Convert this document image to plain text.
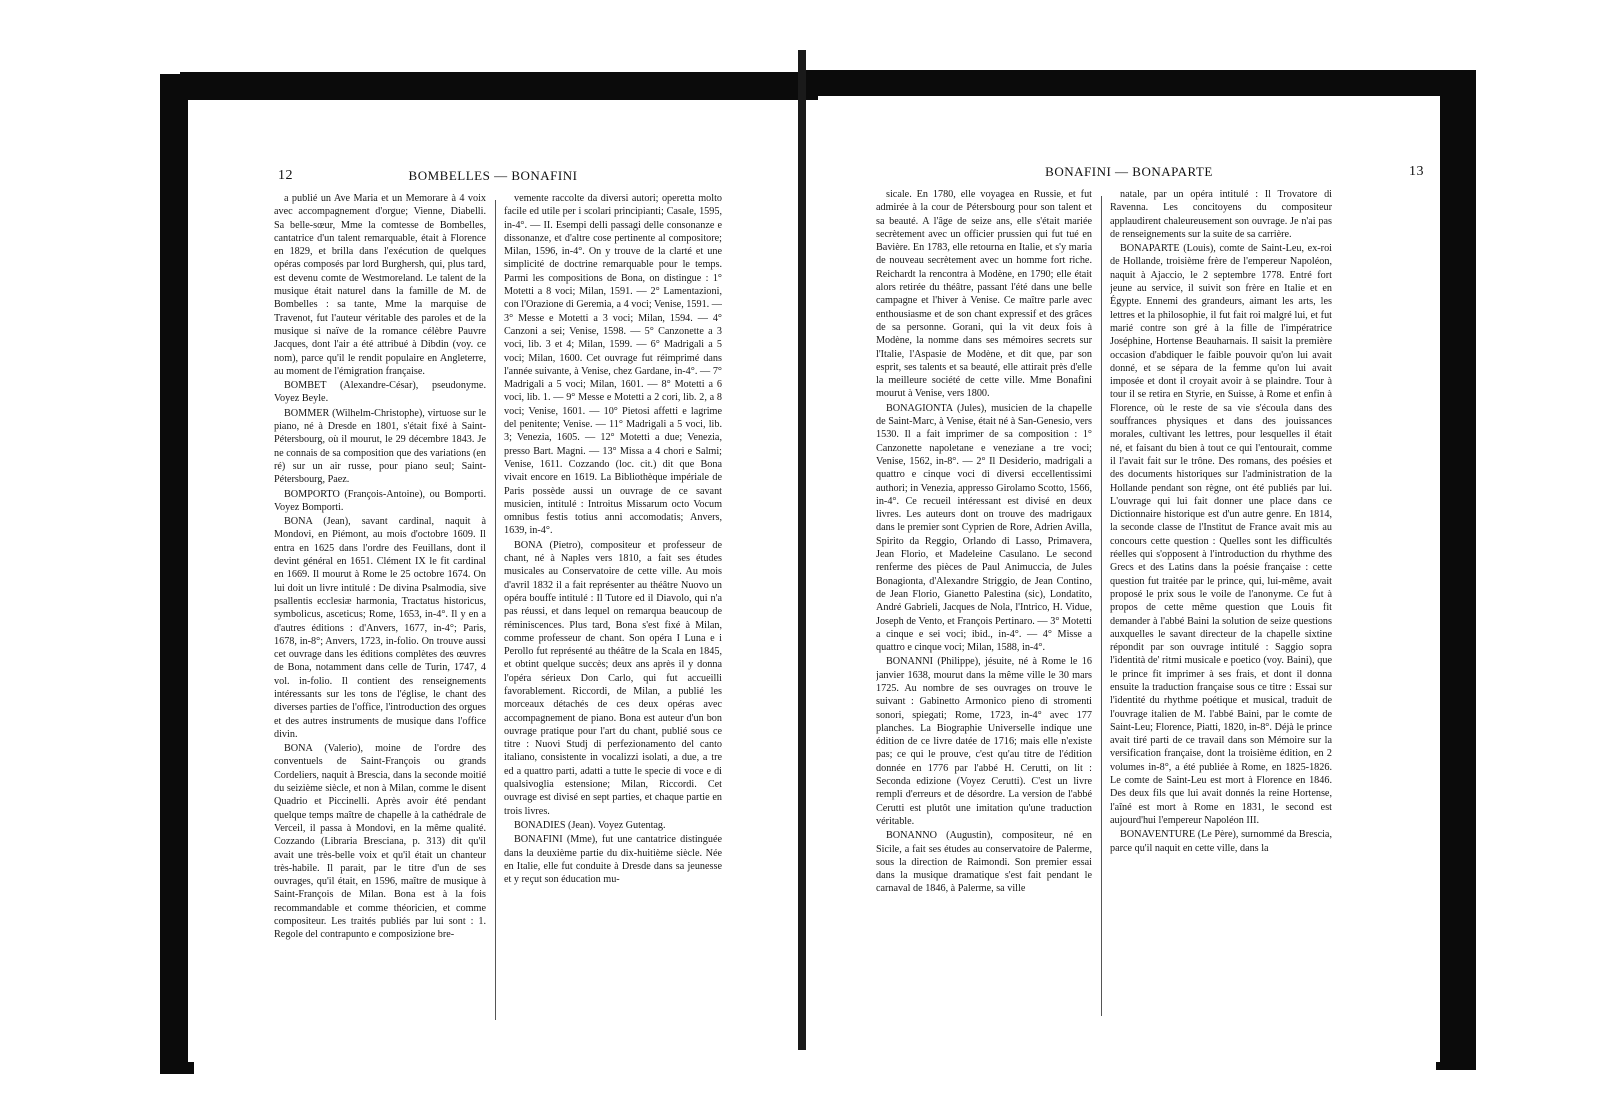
12	BOMBELLES — BONAFINI

a publié un Ave Maria et un Memorare à 4 voix avec accompagnement d'orgue; Vienne, Diabelli. Sa belle-sœur, Mme la comtesse de Bombelles, cantatrice d'un talent remarquable, était à Florence en 1829, et brilla dans l'exécution de quelques opéras composés par lord Burghersh, qui, plus tard, est devenu comte de Westmoreland. Le talent de la musique était naturel dans la famille de M. de Bombelles : sa tante, Mme la marquise de Travenot, fut l'auteur véritable des paroles et de la musique si naïve de la romance célèbre Pauvre Jacques, dont l'air a été attribué à Dibdin (voy. ce nom), parce qu'il le rendit populaire en Angleterre, au moment de l'émigration française.

BOMBET (Alexandre-César), pseudonyme. Voyez Beyle.

BOMMER (Wilhelm-Christophe), virtuose sur le piano, né à Dresde en 1801, s'était fixé à Saint-Pétersbourg, où il mourut, le 29 décembre 1843. Je ne connais de sa composition que des variations (en ré) sur un air russe, pour piano seul; Saint-Pétersbourg, Paez.

BOMPORTO (François-Antoine), ou Bomporti. Voyez Bomporti.

BONA (Jean), savant cardinal, naquit à Mondovi, en Piémont, au mois d'octobre 1609. Il entra en 1625 dans l'ordre des Feuillans, dont il devint général en 1651. Clément IX le fit cardinal en 1669. Il mourut à Rome le 25 octobre 1674. On lui doit un livre intitulé : De divina Psalmodia, sive psallentis ecclesiæ harmonia, Tractatus historicus, symbolicus, asceticus; Rome, 1653, in-4°. Il y en a d'autres éditions : d'Anvers, 1677, in-4°; Paris, 1678, in-8°; Anvers, 1723, in-folio. On trouve aussi cet ouvrage dans les éditions complètes des œuvres de Bona, notamment dans celle de Turin, 1747, 4 vol. in-folio. Il contient des renseignements intéressants sur les tons de l'église, le chant des diverses parties de l'office, l'introduction des orgues et des autres instruments de musique dans l'office divin.

BONA (Valerio), moine de l'ordre des conventuels de Saint-François ou grands Cordeliers, naquit à Brescia, dans la seconde moitié du seizième siècle, et non à Milan, comme le disent Quadrio et Piccinelli. Après avoir été pendant quelque temps maître de chapelle à la cathédrale de Verceil, il passa à Mondovi, en la même qualité. Cozzando (Libraria Bresciana, p. 313) dit qu'il avait une très-belle voix et qu'il était un chanteur très-habile. Il parait, par le titre d'un de ses ouvrages, qu'il était, en 1596, maître de musique à Saint-François de Milan. Bona est à la fois recommandable et comme théoricien, et comme compositeur. Les traités publiés par lui sont : 1. Regole del contrapunto e composizione bre-

vemente raccolte da diversi autori; operetta molto facile ed utile per i scolari principianti; Casale, 1595, in-4°. — II. Esempi delli passagi delle consonanze e dissonanze, et d'altre cose pertinente al compositore; Milan, 1596, in-4°. On y trouve de la clarté et une simplicité de doctrine remarquable pour le temps. Parmi les compositions de Bona, on distingue : 1° Motetti a 8 voci; Milan, 1591. — 2° Lamentazioni, con l'Orazione di Geremia, a 4 voci; Venise, 1591. — 3° Messe e Motetti a 3 voci; Milan, 1594. — 4° Canzoni a sei; Venise, 1598. — 5° Canzonette a 3 voci, lib. 3 et 4; Milan, 1599. — 6° Madrigali a 5 voci; Milan, 1600. Cet ouvrage fut réimprimé dans l'année suivante, à Venise, chez Gardane, in-4°. — 7° Madrigali a 5 voci; Milan, 1601. — 8° Motetti a 6 voci, lib. 1. — 9° Messe e Motetti a 2 cori, lib. 2, a 8 voci; Venise, 1601. — 10° Pietosi affetti e lagrime del penitente; Venise. — 11° Madrigali a 5 voci, lib. 3; Venezia, 1605. — 12° Motetti a due; Venezia, presso Bart. Magni. — 13° Missa a 4 chori e Salmi; Venise, 1611. Cozzando (loc. cit.) dit que Bona vivait encore en 1619. La Bibliothèque impériale de Paris possède aussi un ouvrage de ce savant musicien, intitulé : Introitus Missarum octo Vocum omnibus festis totius anni accomodatis; Anvers, 1639, in-4°.

BONA (Pietro), compositeur et professeur de chant, né à Naples vers 1810, a fait ses études musicales au Conservatoire de cette ville. Au mois d'avril 1832 il a fait représenter au théâtre Nuovo un opéra bouffe intitulé : Il Tutore ed il Diavolo, qui n'a pas réussi, et dans lequel on remarqua beaucoup de réminiscences. Plus tard, Bona s'est fixé à Milan, comme professeur de chant. Son opéra I Luna e i Perollo fut représenté au théâtre de la Scala en 1845, et obtint quelque succès; deux ans après il y donna l'opéra sérieux Don Carlo, qui fut accueilli favorablement. Riccordi, de Milan, a publié les morceaux détachés de ces deux opéras avec accompagnement de piano. Bona est auteur d'un bon ouvrage pratique pour l'art du chant, publié sous ce titre : Nuovi Studj di perfezionamento del canto italiano, consistente in vocalizzi isolati, a due, a tre ed a quattro parti, adatti a tutte le specie di voce e di qualsivoglia estensione; Milan, Riccordi. Cet ouvrage est divisé en sept parties, et chaque partie en trois livres.

BONADIES (Jean). Voyez Gutentag.

BONAFINI (Mme), fut une cantatrice distinguée dans la deuxième partie du dix-huitième siècle. Née en Italie, elle fut conduite à Dresde dans sa jeunesse et y reçut son éducation mu-

BONAFINI — BONAPARTE	13

sicale. En 1780, elle voyagea en Russie, et fut admirée à la cour de Pétersbourg pour son talent et sa beauté. A l'âge de seize ans, elle s'était mariée secrètement avec un officier prussien qui fut tué en Bavière. En 1783, elle retourna en Italie, et s'y maria de nouveau secrètement avec un homme fort riche. Reichardt la rencontra à Modène, en 1790; elle était alors retirée du théâtre, passant l'été dans une belle campagne et l'hiver à Venise. Ce maître parle avec enthousiasme et de son chant expressif et des grâces de sa personne. Gorani, qui la vit deux fois à Modène, la nomme dans ses mémoires secrets sur l'Italie, l'Aspasie de Modène, et dit que, par son esprit, ses talents et sa beauté, elle attirait près d'elle la meilleure société de cette ville. Mme Bonafini mourut à Venise, vers 1800.

BONAGIONTA (Jules), musicien de la chapelle de Saint-Marc, à Venise, était né à San-Genesio, vers 1530. Il a fait imprimer de sa composition : 1° Canzonette napoletane e veneziane a tre voci; Venise, 1562, in-8°. — 2° Il Desiderio, madrigali a quattro e cinque voci di diversi eccellentissimi authori; in Venezia, appresso Girolamo Scotto, 1566, in-4°. Ce recueil intéressant est divisé en deux livres. Les auteurs dont on trouve des madrigaux dans le premier sont Cyprien de Rore, Adrien Avilla, Spirito da Reggio, Orlando di Lasso, Primavera, Jean Florio, et Madeleine Casulano. Le second renferme des pièces de Paul Animuccia, de Jules Bonagionta, d'Alexandre Striggio, de Jean Contino, de Jean Florio, Gianetto Palestina (sic), Londatito, André Gabrieli, Jacques de Nola, l'Intrico, H. Vidue, Joseph de Vento, et François Pertinaro. — 3° Motetti a cinque e sei voci; ibid., in-4°. — 4° Misse a quattro e cinque voci; Milan, 1588, in-4°.

BONANNI (Philippe), jésuite, né à Rome le 16 janvier 1638, mourut dans la même ville le 30 mars 1725. Au nombre de ses ouvrages on trouve le suivant : Gabinetto Armonico pieno di stromenti sonori, spiegati; Rome, 1723, in-4° avec 177 planches. La Biographie Universelle indique une édition de ce livre datée de 1716; mais elle n'existe pas; ce qui le prouve, c'est qu'au titre de l'édition donnée en 1776 par l'abbé H. Cerutti, on lit : Seconda edizione (Voyez Cerutti). C'est un livre rempli d'erreurs et de désordre. La version de l'abbé Cerutti est plutôt une imitation qu'une traduction véritable.

BONANNO (Augustin), compositeur, né en Sicile, a fait ses études au conservatoire de Palerme, sous la direction de Raimondi. Son premier essai dans la musique dramatique s'est fait pendant le carnaval de 1846, à Palerme, sa ville

natale, par un opéra intitulé : Il Trovatore di Ravenna. Les concitoyens du compositeur applaudirent chaleureusement son ouvrage. Je n'ai pas de renseignements sur la suite de sa carrière.

BONAPARTE (Louis), comte de Saint-Leu, ex-roi de Hollande, troisième frère de l'empereur Napoléon, naquit à Ajaccio, le 2 septembre 1778. Entré fort jeune au service, il suivit son frère en Italie et en Égypte. Ennemi des grandeurs, aimant les arts, les lettres et la philosophie, il fut fait roi malgré lui, et fut marié contre son gré à la fille de l'impératrice Joséphine, Hortense Beauharnais. Il saisit la première occasion d'abdiquer le faible pouvoir qu'on lui avait donné, et se sépara de la femme qu'on lui avait imposée et dont il croyait avoir à se plaindre. Tour à tour il se retira en Styrie, en Suisse, à Rome et enfin à Florence, où le reste de sa vie s'écoula dans des souffrances physiques et dans des jouissances morales, cultivant les lettres, pour lesquelles il était né, et faisant du bien à tout ce qui l'entourait, comme il l'avait fait sur le trône. Des romans, des poésies et des documents historiques sur l'administration de la Hollande pendant son règne, ont été publiés par lui. L'ouvrage qui lui fait donner une place dans ce Dictionnaire historique est d'un autre genre. En 1814, la seconde classe de l'Institut de France avait mis au concours cette question : Quelles sont les difficultés réelles qui s'opposent à l'introduction du rhythme des Grecs et des Latins dans la poésie française : cette question fut traitée par le prince, qui, lui-même, avait proposé le prix sous le voile de l'anonyme. Ce fut à propos de cette même question que Louis fit demander à l'abbé Baini la solution de seize questions auxquelles le savant directeur de la chapelle sixtine répondit par son ouvrage intitulé : Saggio sopra l'identità de' ritmi musicale e poetico (voy. Baini), que le prince fit imprimer à ses frais, et dont il donna ensuite la traduction française sous ce titre : Essai sur l'identité du rhythme poétique et musical, traduit de l'ouvrage italien de M. l'abbé Baini, par le comte de Saint-Leu; Florence, Piatti, 1820, in-8°. Déjà le prince avait tiré parti de ce travail dans son Mémoire sur la versification française, dont la troisième édition, en 2 volumes in-8°, a été publiée à Rome, en 1825-1826. Le comte de Saint-Leu est mort à Florence en 1846. Des deux fils que lui avait donnés la reine Hortense, l'aîné est mort à Rome en 1831, le second est aujourd'hui l'empereur Napoléon III.

BONAVENTURE (Le Père), surnommé da Brescia, parce qu'il naquit en cette ville, dans la
